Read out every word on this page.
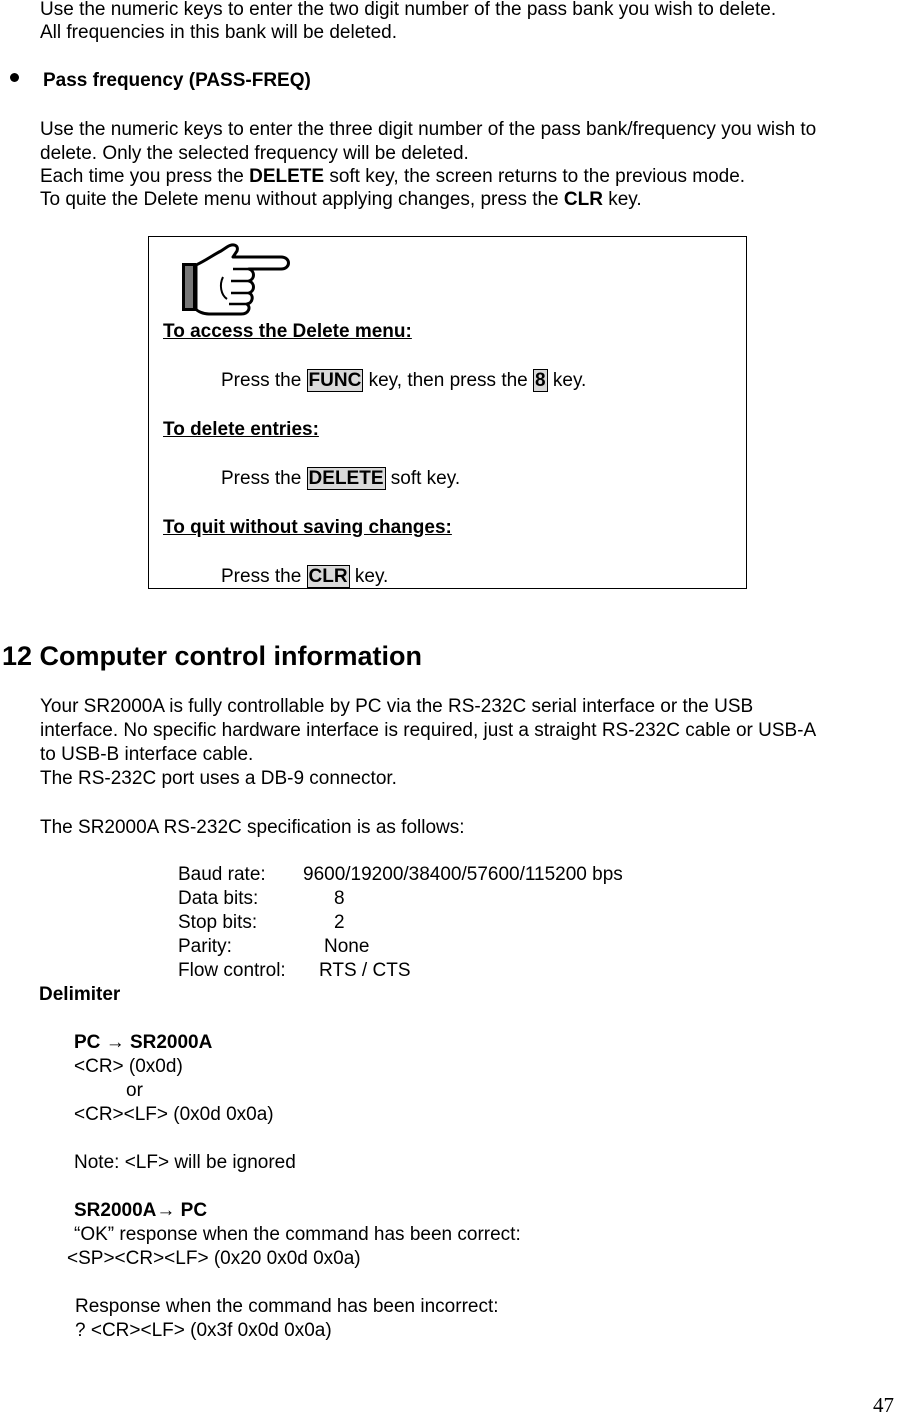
Use the numeric keys to enter the two digit number of the pass bank you wish to delete.
All frequencies in this bank will be deleted.
Pass frequency (PASS-FREQ)
Use the numeric keys to enter the three digit number of the pass bank/frequency you wish to
delete. Only the selected frequency will be deleted.
Each time you press the DELETE soft key, the screen returns to the previous mode.
To quite the Delete menu without applying changes, press the CLR key.
To access the Delete menu:
Press the FUNC key, then press the 8 key.
To delete entries:
Press the DELETE soft key.
To quit without saving changes:
Press the CLR key.
12 Computer control information
Your SR2000A is fully controllable by PC via the RS-232C serial interface or the USB
interface. No specific hardware interface is required, just a straight RS-232C cable or USB-A
to USB-B interface cable.
The RS-232C port uses a DB-9 connector.
The SR2000A RS-232C specification is as follows:
Baud rate: 9600/19200/38400/57600/115200 bps
Data bits:	8
Stop bits:	2
Parity:	None
Flow control: RTS / CTS
Delimiter
PC → SR2000A
<CR> (0x0d)
or
<CR><LF> (0x0d 0x0a)
Note: <LF> will be ignored
SR2000A→ PC
“OK” response when the command has been correct:
<SP><CR><LF> (0x20 0x0d 0x0a)
Response when the command has been incorrect:
? <CR><LF> (0x3f 0x0d 0x0a)
47
